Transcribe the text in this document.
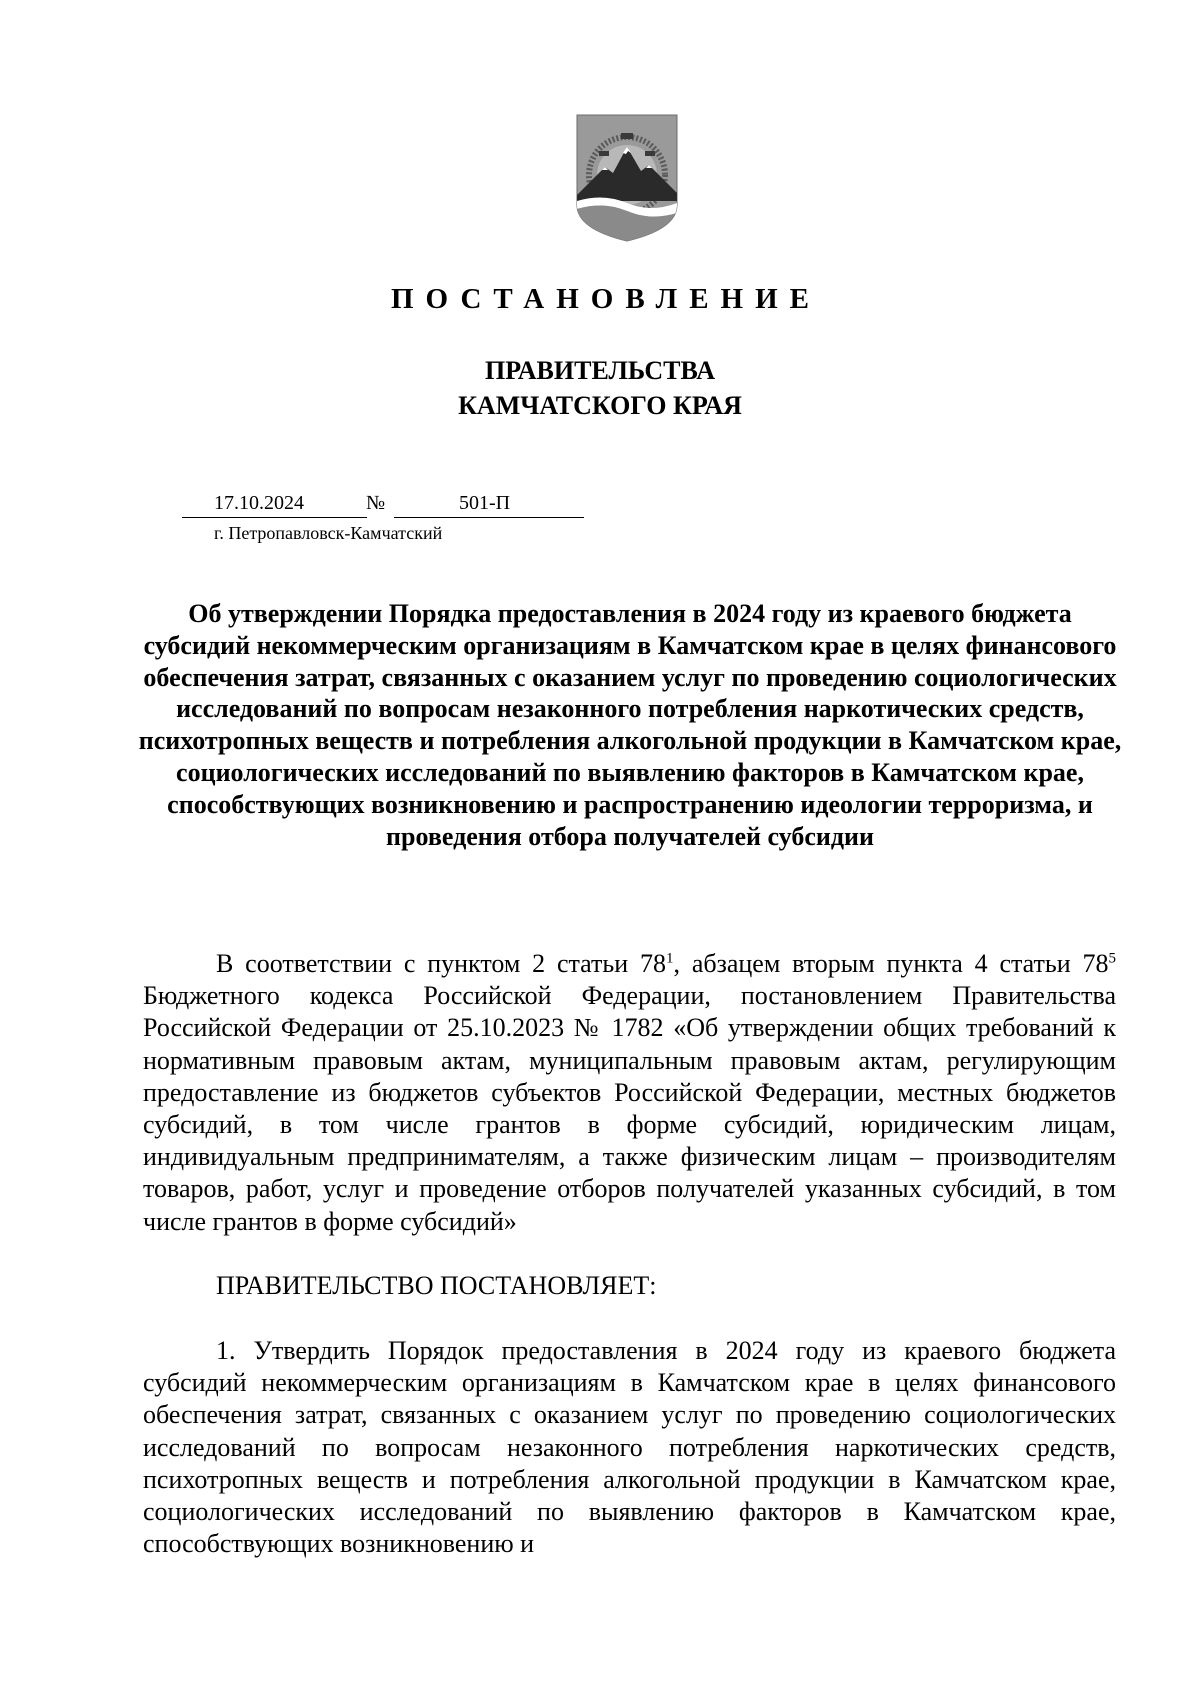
ПОСТАНОВЛЕНИЕ
ПРАВИТЕЛЬСТВА
КАМЧАТСКОГО КРАЯ
17.10.2024	№	501-П
г. Петропавловск-Камчатский
Об утверждении Порядка предоставления в 2024 году из краевого бюджета субсидий некоммерческим организациям в Камчатском крае в целях финансового обеспечения затрат, связанных с оказанием услуг по проведению социологических исследований по вопросам незаконного потребления наркотических средств, психотропных веществ и потребления алкогольной продукции в Камчатском крае, социологических исследований по выявлению факторов в Камчатском крае, способствующих возникновению и распространению идеологии терроризма, и проведения отбора получателей субсидии
В соответствии с пунктом 2 статьи $78^1$, абзацем вторым пункта 4 статьи $78^5$ Бюджетного кодекса Российской Федерации, постановлением Правительства Российской Федерации от 25.10.2023 № 1782 «Об утверждении общих требований к нормативным правовым актам, муниципальным правовым актам, регулирующим предоставление из бюджетов субъектов Российской Федерации, местных бюджетов субсидий, в том числе грантов в форме субсидий, юридическим лицам, индивидуальным предпринимателям, а также физическим лицам – производителям товаров, работ, услуг и проведение отборов получателей указанных субсидий, в том числе грантов в форме субсидий»
ПРАВИТЕЛЬСТВО ПОСТАНОВЛЯЕТ:
1. Утвердить Порядок предоставления в 2024 году из краевого бюджета субсидий некоммерческим организациям в Камчатском крае в целях финансового обеспечения затрат, связанных с оказанием услуг по проведению социологических исследований по вопросам незаконного потребления наркотических средств, психотропных веществ и потребления алкогольной продукции в Камчатском крае, социологических исследований по выявлению факторов в Камчатском крае, способствующих возникновению и
